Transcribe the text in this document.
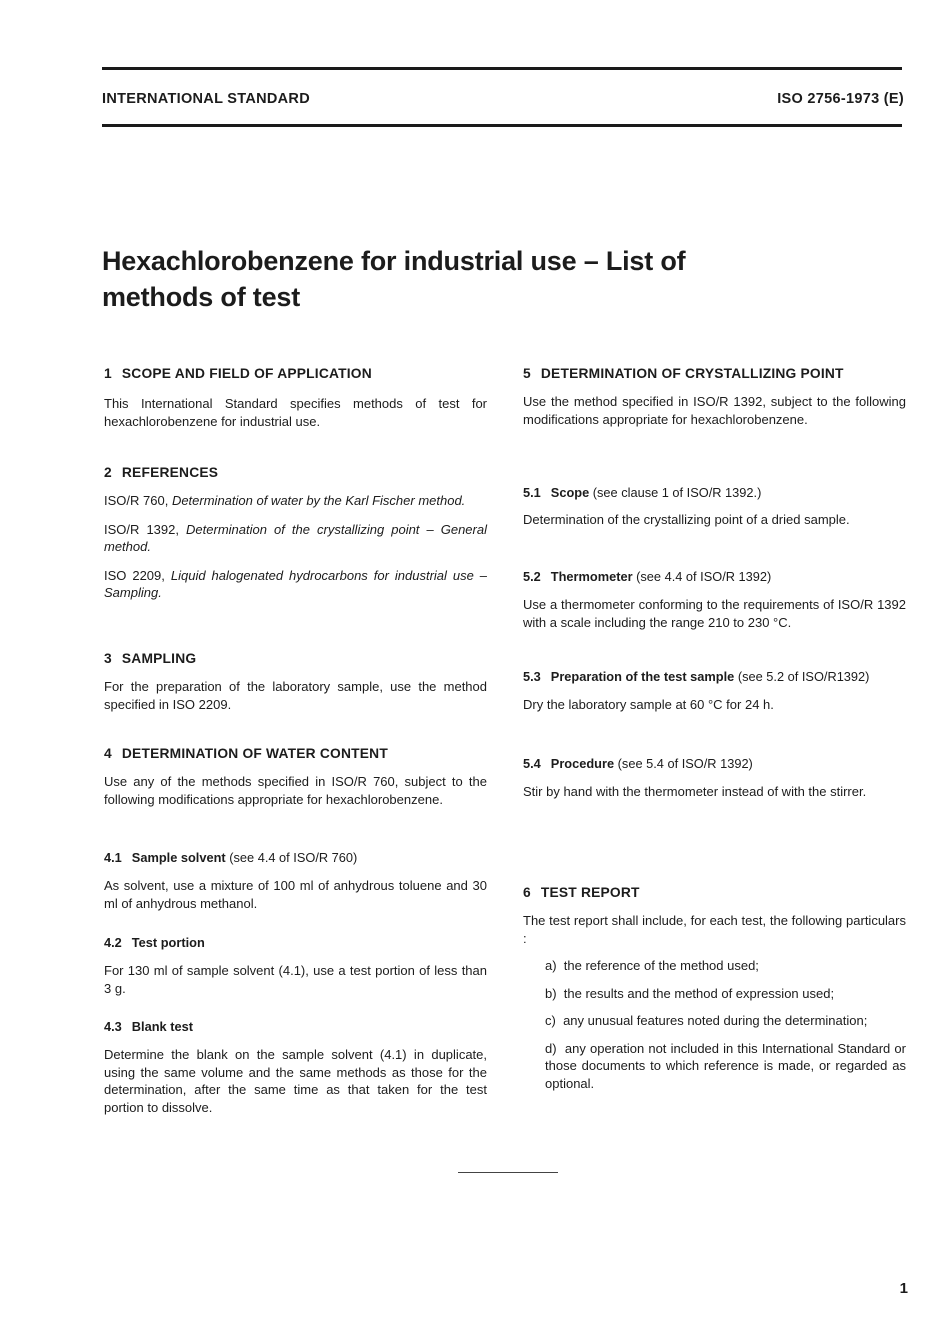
INTERNATIONAL STANDARD	ISO 2756-1973 (E)
Hexachlorobenzene for industrial use – List of methods of test
1 SCOPE AND FIELD OF APPLICATION

This International Standard specifies methods of test for hexachlorobenzene for industrial use.

2 REFERENCES

ISO/R 760, Determination of water by the Karl Fischer method.

ISO/R 1392, Determination of the crystallizing point – General method.

ISO 2209, Liquid halogenated hydrocarbons for industrial use – Sampling.

3 SAMPLING

For the preparation of the laboratory sample, use the method specified in ISO 2209.

4 DETERMINATION OF WATER CONTENT

Use any of the methods specified in ISO/R 760, subject to the following modifications appropriate for hexachlorobenzene.

4.1 Sample solvent (see 4.4 of ISO/R 760)

As solvent, use a mixture of 100 ml of anhydrous toluene and 30 ml of anhydrous methanol.

4.2 Test portion

For 130 ml of sample solvent (4.1), use a test portion of less than 3 g.

4.3 Blank test

Determine the blank on the sample solvent (4.1) in duplicate, using the same volume and the same methods as those for the determination, after the same time as that taken for the test portion to dissolve.

5 DETERMINATION OF CRYSTALLIZING POINT

Use the method specified in ISO/R 1392, subject to the following modifications appropriate for hexachlorobenzene.

5.1 Scope (see clause 1 of ISO/R 1392.)

Determination of the crystallizing point of a dried sample.

5.2 Thermometer (see 4.4 of ISO/R 1392)

Use a thermometer conforming to the requirements of ISO/R 1392 with a scale including the range 210 to 230 °C.

5.3 Preparation of the test sample (see 5.2 of ISO/R1392)

Dry the laboratory sample at 60 °C for 24 h.

5.4 Procedure (see 5.4 of ISO/R 1392)

Stir by hand with the thermometer instead of with the stirrer.

6 TEST REPORT

The test report shall include, for each test, the following particulars :

a) the reference of the method used;
b) the results and the method of expression used;
c) any unusual features noted during the determination;
d) any operation not included in this International Standard or those documents to which reference is made, or regarded as optional.
1
